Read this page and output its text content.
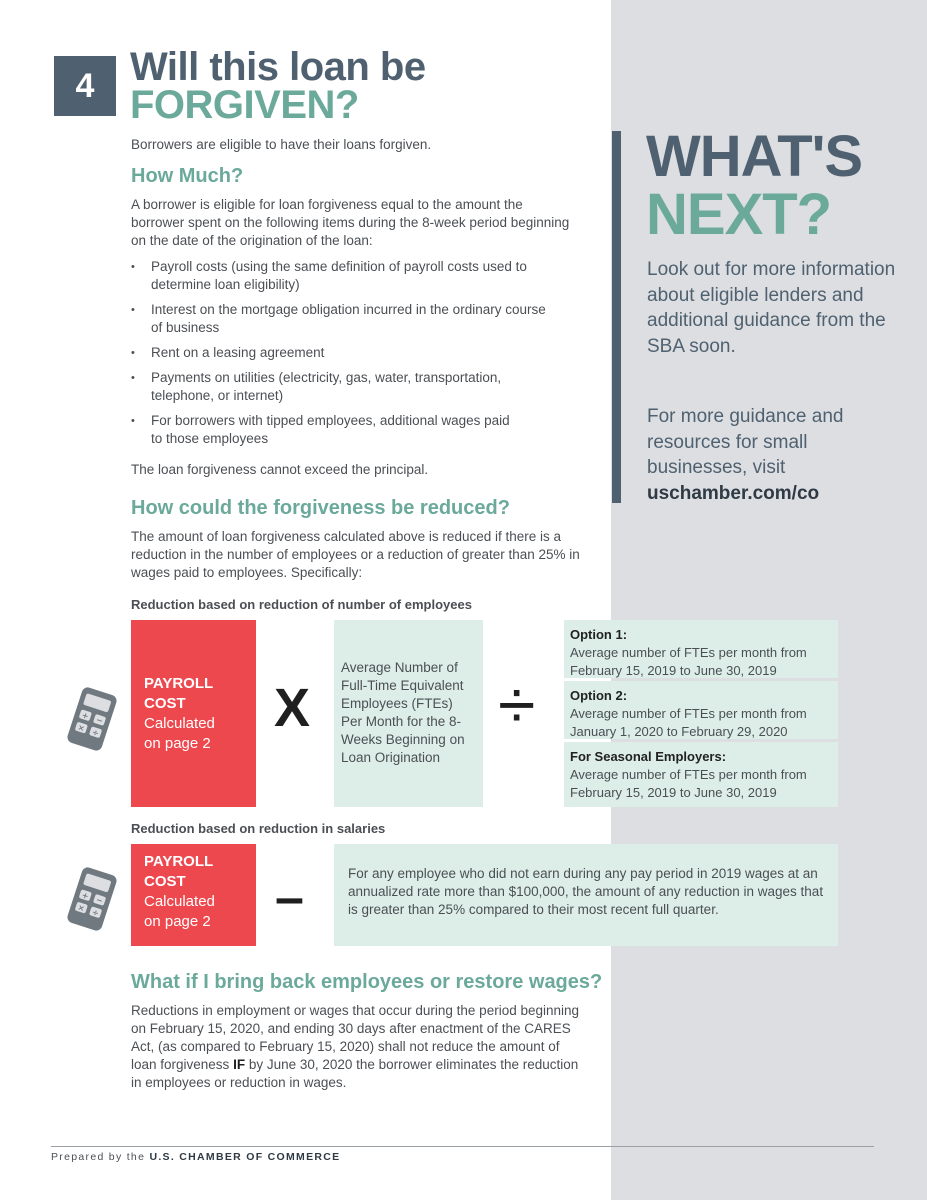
4 Will this loan be
FORGIVEN?

Borrowers are eligible to have their loans forgiven.

How Much?

A borrower is eligible for loan forgiveness equal to the amount the borrower spent on the following items during the 8-week period beginning on the date of the origination of the loan:

• Payroll costs (using the same definition of payroll costs used to determine loan eligibility)
• Interest on the mortgage obligation incurred in the ordinary course of business
• Rent on a leasing agreement
• Payments on utilities (electricity, gas, water, transportation, telephone, or internet)
• For borrowers with tipped employees, additional wages paid to those employees

The loan forgiveness cannot exceed the principal.

How could the forgiveness be reduced?

The amount of loan forgiveness calculated above is reduced if there is a reduction in the number of employees or a reduction of greater than 25% in wages paid to employees. Specifically:

Reduction based on reduction of number of employees
+ −
× ÷
PAYROLL COST
Calculated on page 2
X
Average Number of Full-Time Equivalent Employees (FTEs) Per Month for the 8-Weeks Beginning on Loan Origination
÷
Option 1:
Average number of FTEs per month from February 15, 2019 to June 30, 2019
Option 2:
Average number of FTEs per month from January 1, 2020 to February 29, 2020
For Seasonal Employers:
Average number of FTEs per month from February 15, 2019 to June 30, 2019
Reduction based on reduction in salaries
+ −
× ÷
PAYROLL COST
Calculated on page 2	–	For any employee who did not earn during any pay period in 2019 wages at an annualized rate more than $100,000, the amount of any reduction in wages that is greater than 25% compared to their most recent full quarter.
What if I bring back employees or restore wages?

Reductions in employment or wages that occur during the period beginning on February 15, 2020, and ending 30 days after enactment of the CARES Act, (as compared to February 15, 2020) shall not reduce the amount of loan forgiveness IF by June 30, 2020 the borrower eliminates the reduction in employees or reduction in wages.

WHAT'S
NEXT?

Look out for more information about eligible lenders and additional guidance from the SBA soon.

For more guidance and resources for small businesses, visit
uschamber.com/co

Prepared by the U.S. CHAMBER OF COMMERCE
